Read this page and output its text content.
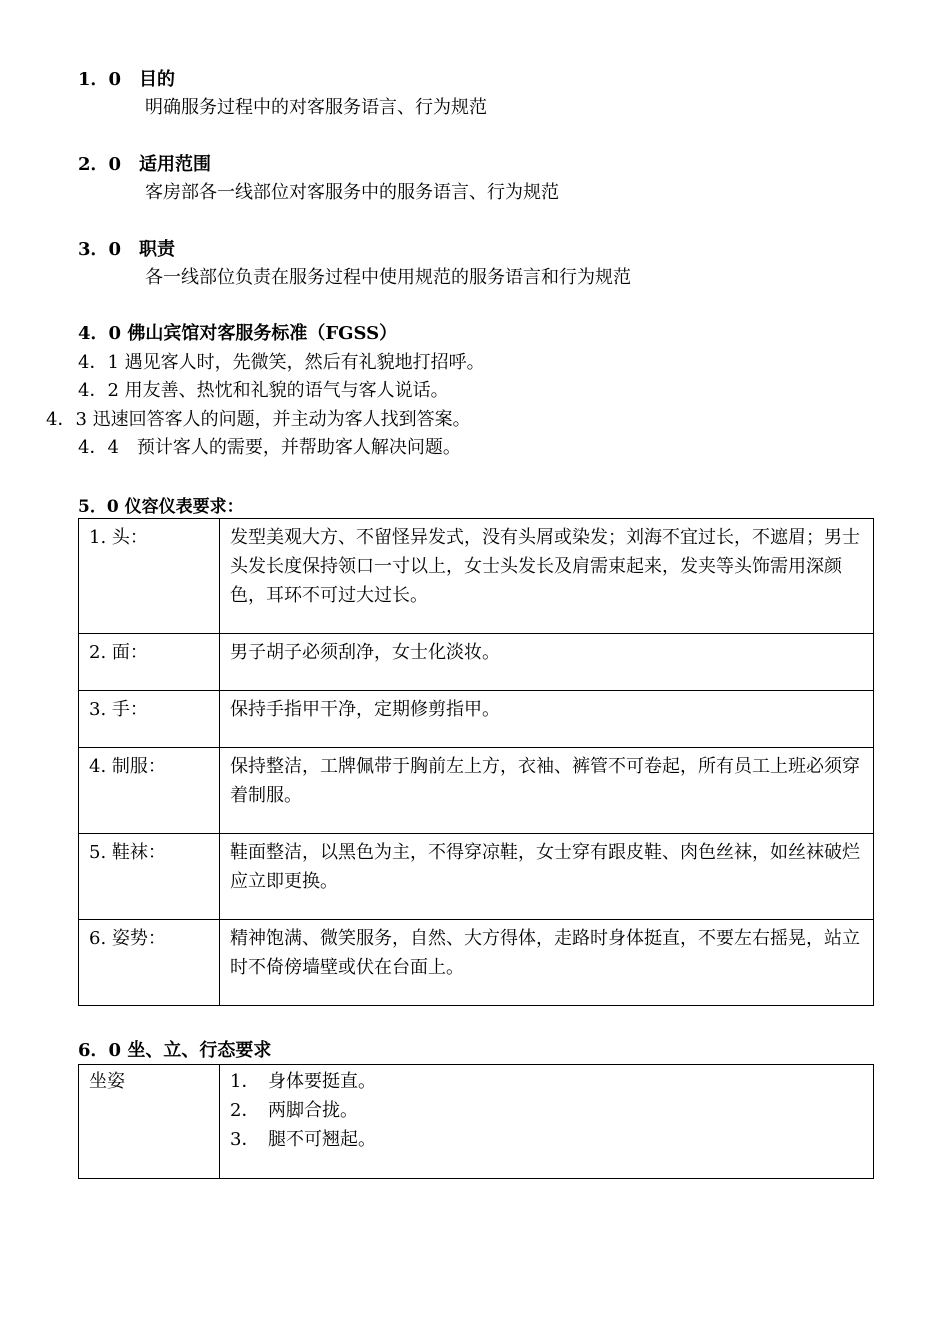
1．0　目的
明确服务过程中的对客服务语言、行为规范
2．0　适用范围
客房部各一线部位对客服务中的服务语言、行为规范
3．0　职责
各一线部位负责在服务过程中使用规范的服务语言和行为规范
4．0 佛山宾馆对客服务标准（FGSS）
4．1 遇见客人时，先微笑，然后有礼貌地打招呼。
4．2 用友善、热忱和礼貌的语气与客人说话。
4．3 迅速回答客人的问题，并主动为客人找到答案。
4．4　预计客人的需要，并帮助客人解决问题。
5．0 仪容仪表要求：
1. 头：	发型美观大方、不留怪异发式，没有头屑或染发；刘海不宜过长，不遮眉；男士头发长度保持领口一寸以上，女士头发长及肩需束起来，发夹等头饰需用深颜色，耳环不可过大过长。
2. 面：	男子胡子必须刮净，女士化淡妆。
3. 手：	保持手指甲干净，定期修剪指甲。
4. 制服：	保持整洁，工牌佩带于胸前左上方，衣袖、裤管不可卷起，所有员工上班必须穿着制服。
5. 鞋袜：	鞋面整洁，以黑色为主，不得穿凉鞋，女士穿有跟皮鞋、肉色丝袜，如丝袜破烂应立即更换。
6. 姿势：	精神饱满、微笑服务，自然、大方得体，走路时身体挺直，不要左右摇晃，站立时不倚傍墙壁或伏在台面上。
6．0 坐、立、行态要求
坐姿	1． 身体要挺直。
2． 两脚合拢。
3． 腿不可翘起。
